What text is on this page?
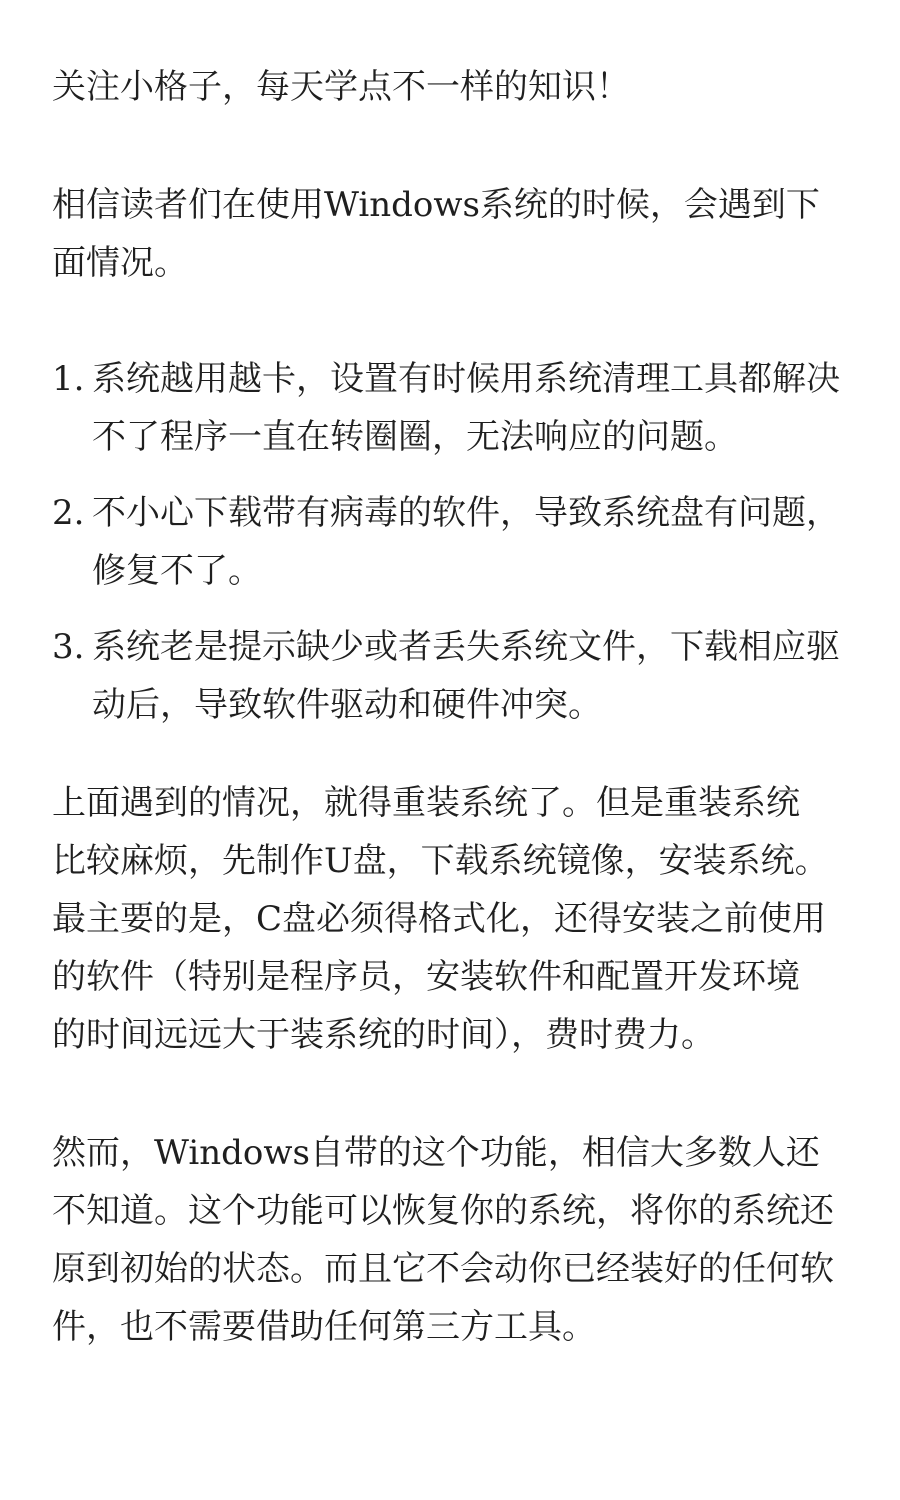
关注小格子，每天学点不一样的知识！

相信读者们在使用Windows系统的时候，会遇到下面情况。

1. 系统越用越卡，设置有时候用系统清理工具都解决不了程序一直在转圈圈，无法响应的问题。
2. 不小心下载带有病毒的软件，导致系统盘有问题，修复不了。
3. 系统老是提示缺少或者丢失系统文件，下载相应驱动后，导致软件驱动和硬件冲突。

上面遇到的情况，就得重装系统了。但是重装系统比较麻烦，先制作U盘，下载系统镜像，安装系统。最主要的是，C盘必须得格式化，还得安装之前使用的软件（特别是程序员，安装软件和配置开发环境的时间远远大于装系统的时间），费时费力。

然而，Windows自带的这个功能，相信大多数人还不知道。这个功能可以恢复你的系统，将你的系统还原到初始的状态。而且它不会动你已经装好的任何软件，也不需要借助任何第三方工具。
